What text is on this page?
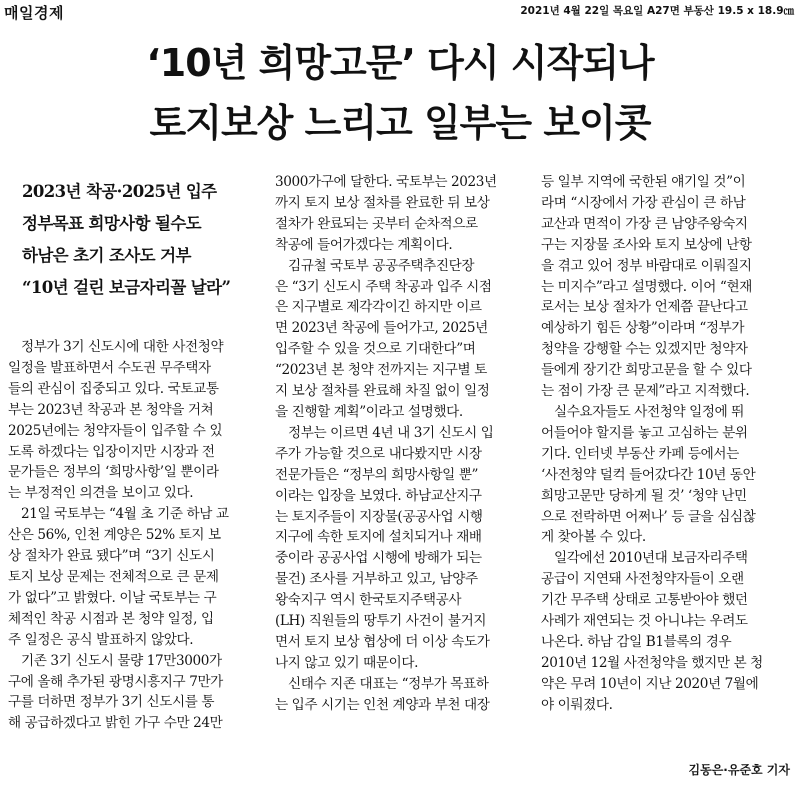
매일경제	2021년 4월 22일 목요일 A27면 부동산 19.5 x 18.9㎝
‘10년 희망고문’ 다시 시작되나
토지보상 느리고 일부는 보이콧
2023년 착공·2025년 입주
정부목표 희망사항 될수도
하남은 초기 조사도 거부
“10년 걸린 보금자리꼴 날라”
정부가 3기 신도시에 대한 사전청약
일정을 발표하면서 수도권 무주택자
들의 관심이 집중되고 있다. 국토교통
부는 2023년 착공과 본 청약을 거쳐
2025년에는 청약자들이 입주할 수 있
도록 하겠다는 입장이지만 시장과 전
문가들은 정부의 ‘희망사항’일 뿐이라
는 부정적인 의견을 보이고 있다.
21일 국토부는 “4월 초 기준 하남 교
산은 56%, 인천 계양은 52% 토지 보
상 절차가 완료 됐다”며 “3기 신도시
토지 보상 문제는 전체적으로 큰 문제
가 없다”고 밝혔다. 이날 국토부는 구
체적인 착공 시점과 본 청약 일정, 입
주 일정은 공식 발표하지 않았다.
기존 3기 신도시 물량 17만3000가
구에 올해 추가된 광명시흥지구 7만가
구를 더하면 정부가 3기 신도시를 통
해 공급하겠다고 밝힌 가구 수만 24만
3000가구에 달한다. 국토부는 2023년
까지 토지 보상 절차를 완료한 뒤 보상
절차가 완료되는 곳부터 순차적으로
착공에 들어가겠다는 계획이다.
김규철 국토부 공공주택추진단장
은 “3기 신도시 주택 착공과 입주 시점
은 지구별로 제각각이긴 하지만 이르
면 2023년 착공에 들어가고, 2025년
입주할 수 있을 것으로 기대한다”며
“2023년 본 청약 전까지는 지구별 토
지 보상 절차를 완료해 차질 없이 일정
을 진행할 계획”이라고 설명했다.
정부는 이르면 4년 내 3기 신도시 입
주가 가능할 것으로 내다봤지만 시장
전문가들은 “정부의 희망사항일 뿐”
이라는 입장을 보였다. 하남교산지구
는 토지주들이 지장물(공공사업 시행
지구에 속한 토지에 설치되거나 재배
중이라 공공사업 시행에 방해가 되는
물건) 조사를 거부하고 있고, 남양주
왕숙지구 역시 한국토지주택공사
(LH) 직원들의 땅투기 사건이 불거지
면서 토지 보상 협상에 더 이상 속도가
나지 않고 있기 때문이다.
신태수 지존 대표는 “정부가 목표하
는 입주 시기는 인천 계양과 부천 대장
등 일부 지역에 국한된 얘기일 것”이
라며 “시장에서 가장 관심이 큰 하남
교산과 면적이 가장 큰 남양주왕숙지
구는 지장물 조사와 토지 보상에 난항
을 겪고 있어 정부 바람대로 이뤄질지
는 미지수”라고 설명했다. 이어 “현재
로서는 보상 절차가 언제쯤 끝난다고
예상하기 힘든 상황”이라며 “정부가
청약을 강행할 수는 있겠지만 청약자
들에게 장기간 희망고문을 할 수 있다
는 점이 가장 큰 문제”라고 지적했다.
실수요자들도 사전청약 일정에 뛰
어들어야 할지를 놓고 고심하는 분위
기다. 인터넷 부동산 카페 등에서는
‘사전청약 덜컥 들어갔다간 10년 동안
희망고문만 당하게 될 것’ ‘청약 난민
으로 전락하면 어쩌나’ 등 글을 심심찮
게 찾아볼 수 있다.
일각에선 2010년대 보금자리주택
공급이 지연돼 사전청약자들이 오랜
기간 무주택 상태로 고통받아야 했던
사례가 재연되는 것 아니냐는 우려도
나온다. 하남 감일 B1블록의 경우
2010년 12월 사전청약을 했지만 본 청
약은 무려 10년이 지난 2020년 7월에
야 이뤄졌다.
김동은·유준호 기자
